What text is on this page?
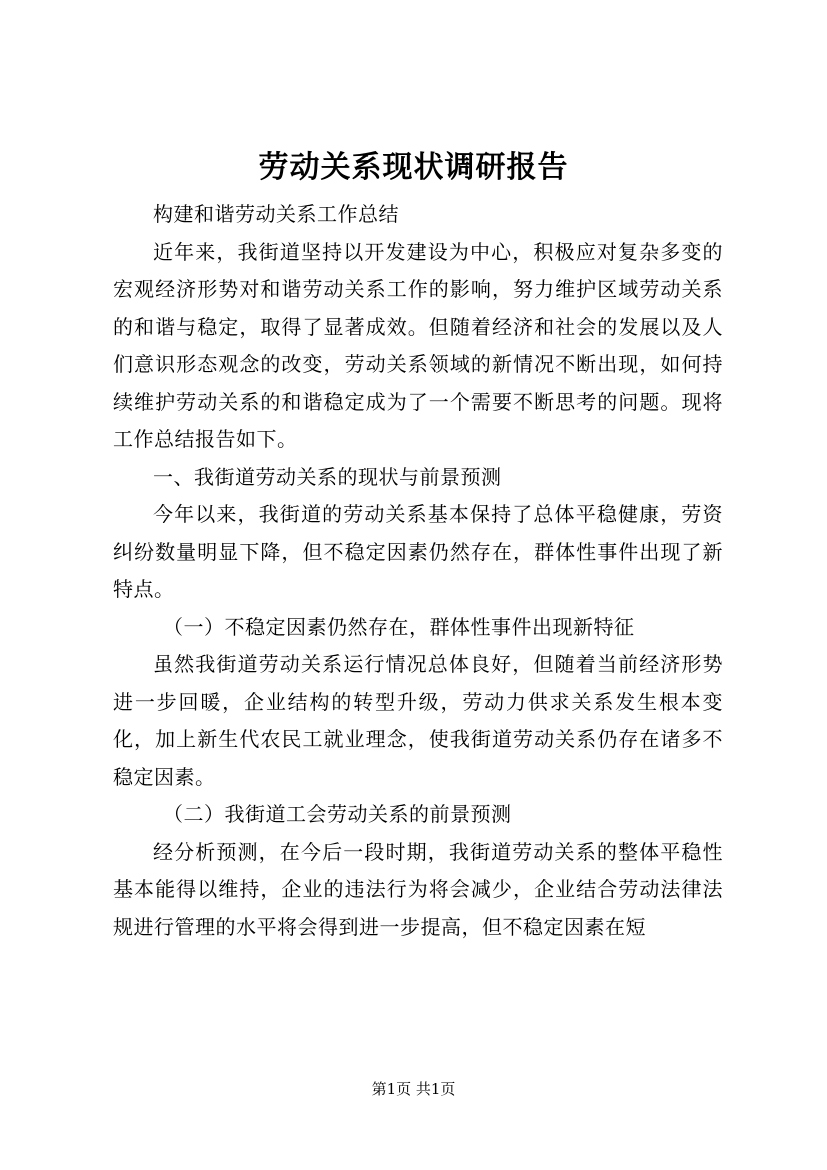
劳动关系现状调研报告

构建和谐劳动关系工作总结

近年来，我街道坚持以开发建设为中心，积极应对复杂多变的宏观经济形势对和谐劳动关系工作的影响，努力维护区域劳动关系的和谐与稳定，取得了显著成效。但随着经济和社会的发展以及人们意识形态观念的改变，劳动关系领域的新情况不断出现，如何持续维护劳动关系的和谐稳定成为了一个需要不断思考的问题。现将工作总结报告如下。

一、我街道劳动关系的现状与前景预测

今年以来，我街道的劳动关系基本保持了总体平稳健康，劳资纠纷数量明显下降，但不稳定因素仍然存在，群体性事件出现了新特点。

（一）不稳定因素仍然存在，群体性事件出现新特征

虽然我街道劳动关系运行情况总体良好，但随着当前经济形势进一步回暖，企业结构的转型升级，劳动力供求关系发生根本变化，加上新生代农民工就业理念，使我街道劳动关系仍存在诸多不稳定因素。

（二）我街道工会劳动关系的前景预测

经分析预测，在今后一段时期，我街道劳动关系的整体平稳性基本能得以维持，企业的违法行为将会减少，企业结合劳动法律法规进行管理的水平将会得到进一步提高，但不稳定因素在短

第1页 共1页
